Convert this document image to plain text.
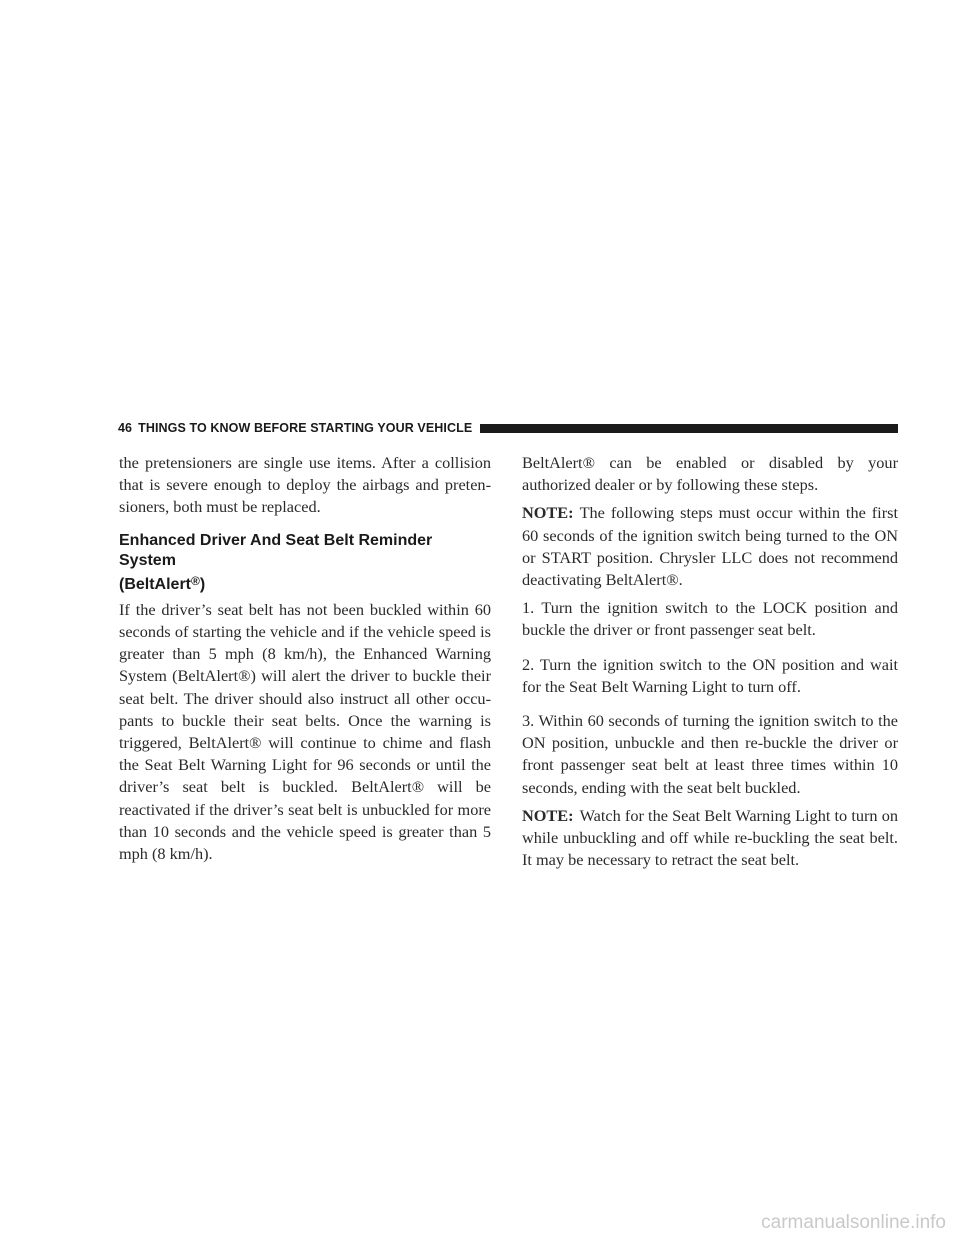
46 THINGS TO KNOW BEFORE STARTING YOUR VEHICLE

the pretensioners are single use items. After a collision that is severe enough to deploy the airbags and preten-sioners, both must be replaced.

Enhanced Driver And Seat Belt Reminder System
(BeltAlert®)

If the driver’s seat belt has not been buckled within 60 seconds of starting the vehicle and if the vehicle speed is greater than 5 mph (8 km/h), the Enhanced Warning System (BeltAlert®) will alert the driver to buckle their seat belt. The driver should also instruct all other occu-pants to buckle their seat belts. Once the warning is triggered, BeltAlert® will continue to chime and flash the Seat Belt Warning Light for 96 seconds or until the driver’s seat belt is buckled. BeltAlert® will be reactivated if the driver’s seat belt is unbuckled for more than 10 seconds and the vehicle speed is greater than 5 mph (8 km/h).

BeltAlert® can be enabled or disabled by your authorized dealer or by following these steps.

NOTE: The following steps must occur within the first 60 seconds of the ignition switch being turned to the ON or START position. Chrysler LLC does not recommend deactivating BeltAlert®.

1. Turn the ignition switch to the LOCK position and buckle the driver or front passenger seat belt.

2. Turn the ignition switch to the ON position and wait for the Seat Belt Warning Light to turn off.

3. Within 60 seconds of turning the ignition switch to the ON position, unbuckle and then re-buckle the driver or front passenger seat belt at least three times within 10 seconds, ending with the seat belt buckled.

NOTE: Watch for the Seat Belt Warning Light to turn on while unbuckling and off while re-buckling the seat belt. It may be necessary to retract the seat belt.

carmanualsonline.info
